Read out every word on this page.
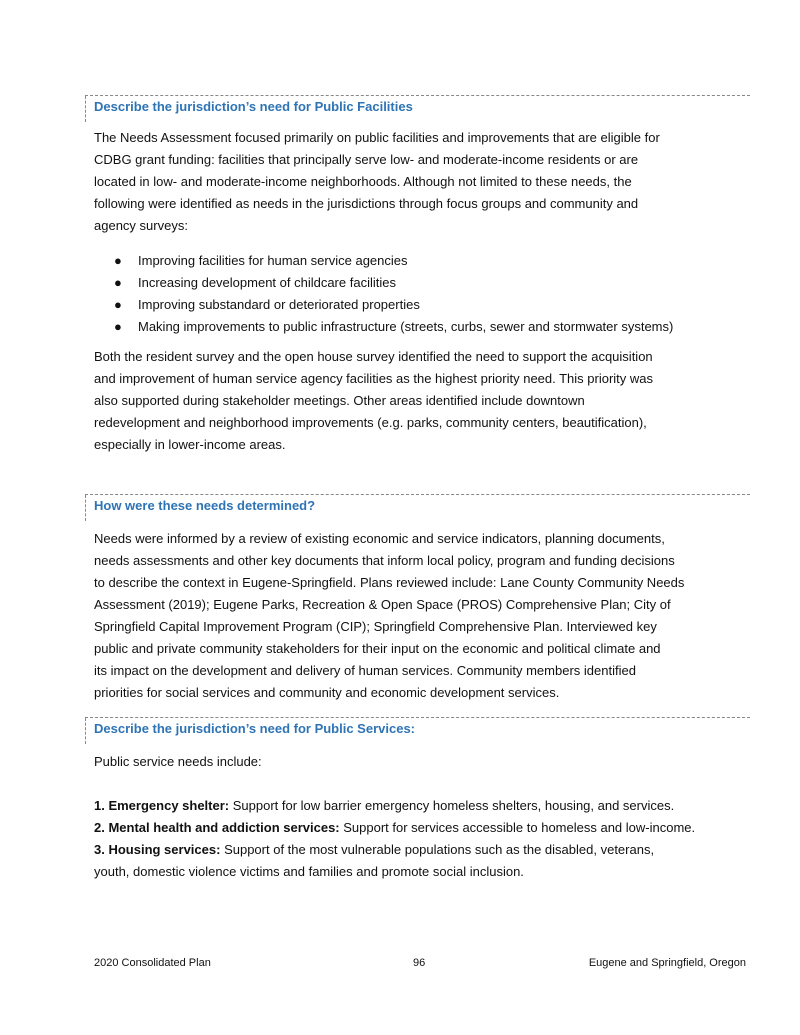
Describe the jurisdiction’s need for Public Facilities
The Needs Assessment focused primarily on public facilities and improvements that are eligible for
CDBG grant funding: facilities that principally serve low- and moderate-income residents or are
located in low- and moderate-income neighborhoods. Although not limited to these needs, the
following were identified as needs in the jurisdictions through focus groups and community and
agency surveys:
● Improving facilities for human service agencies
● Increasing development of childcare facilities
● Improving substandard or deteriorated properties
● Making improvements to public infrastructure (streets, curbs, sewer and stormwater systems)
Both the resident survey and the open house survey identified the need to support the acquisition
and improvement of human service agency facilities as the highest priority need. This priority was
also supported during stakeholder meetings. Other areas identified include downtown
redevelopment and neighborhood improvements (e.g. parks, community centers, beautification),
especially in lower-income areas.
How were these needs determined?
Needs were informed by a review of existing economic and service indicators, planning documents,
needs assessments and other key documents that inform local policy, program and funding decisions
to describe the context in Eugene-Springfield. Plans reviewed include: Lane County Community Needs
Assessment (2019); Eugene Parks, Recreation & Open Space (PROS) Comprehensive Plan; City of
Springfield Capital Improvement Program (CIP); Springfield Comprehensive Plan. Interviewed key
public and private community stakeholders for their input on the economic and political climate and
its impact on the development and delivery of human services. Community members identified
priorities for social services and community and economic development services.
Describe the jurisdiction’s need for Public Services:
Public service needs include:
1. Emergency shelter: Support for low barrier emergency homeless shelters, housing, and services.
2. Mental health and addiction services: Support for services accessible to homeless and low-income.
3. Housing services: Support of the most vulnerable populations such as the disabled, veterans,
youth, domestic violence victims and families and promote social inclusion.
2020 Consolidated Plan	96	Eugene and Springfield, Oregon
